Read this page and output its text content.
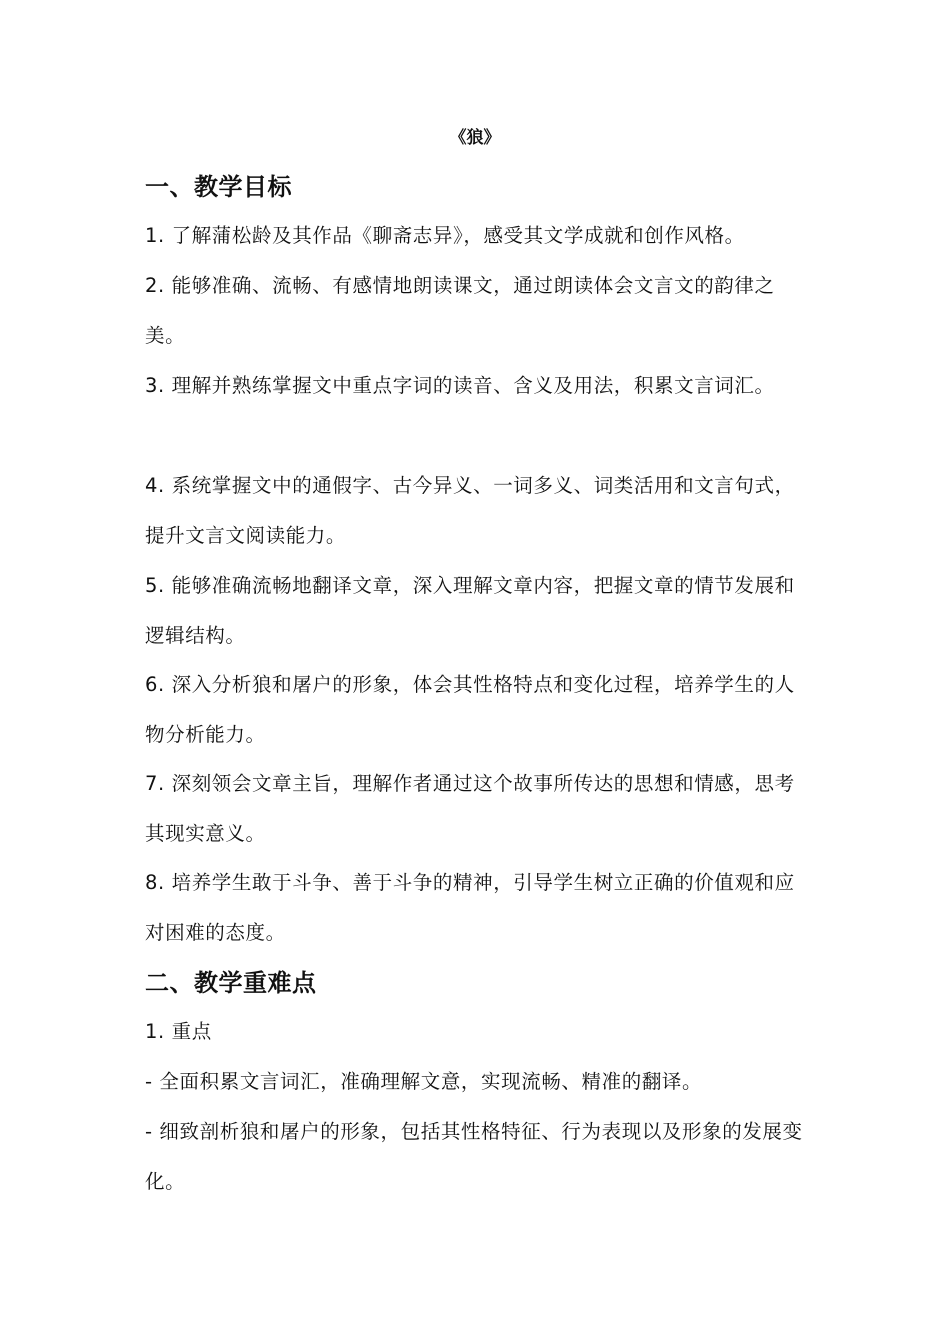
《狼》
一、教学目标

1. 了解蒲松龄及其作品《聊斋志异》，感受其文学成就和创作风格。

2. 能够准确、流畅、有感情地朗读课文，通过朗读体会文言文的韵律之美。

3. 理解并熟练掌握文中重点字词的读音、含义及用法，积累文言词汇。

4. 系统掌握文中的通假字、古今异义、一词多义、词类活用和文言句式，提升文言文阅读能力。

5. 能够准确流畅地翻译文章，深入理解文章内容，把握文章的情节发展和逻辑结构。

6. 深入分析狼和屠户的形象，体会其性格特点和变化过程，培养学生的人物分析能力。

7. 深刻领会文章主旨，理解作者通过这个故事所传达的思想和情感，思考其现实意义。

8. 培养学生敢于斗争、善于斗争的精神，引导学生树立正确的价值观和应对困难的态度。

二、教学重难点

1. 重点

- 全面积累文言词汇，准确理解文意，实现流畅、精准的翻译。

- 细致剖析狼和屠户的形象，包括其性格特征、行为表现以及形象的发展变化。
